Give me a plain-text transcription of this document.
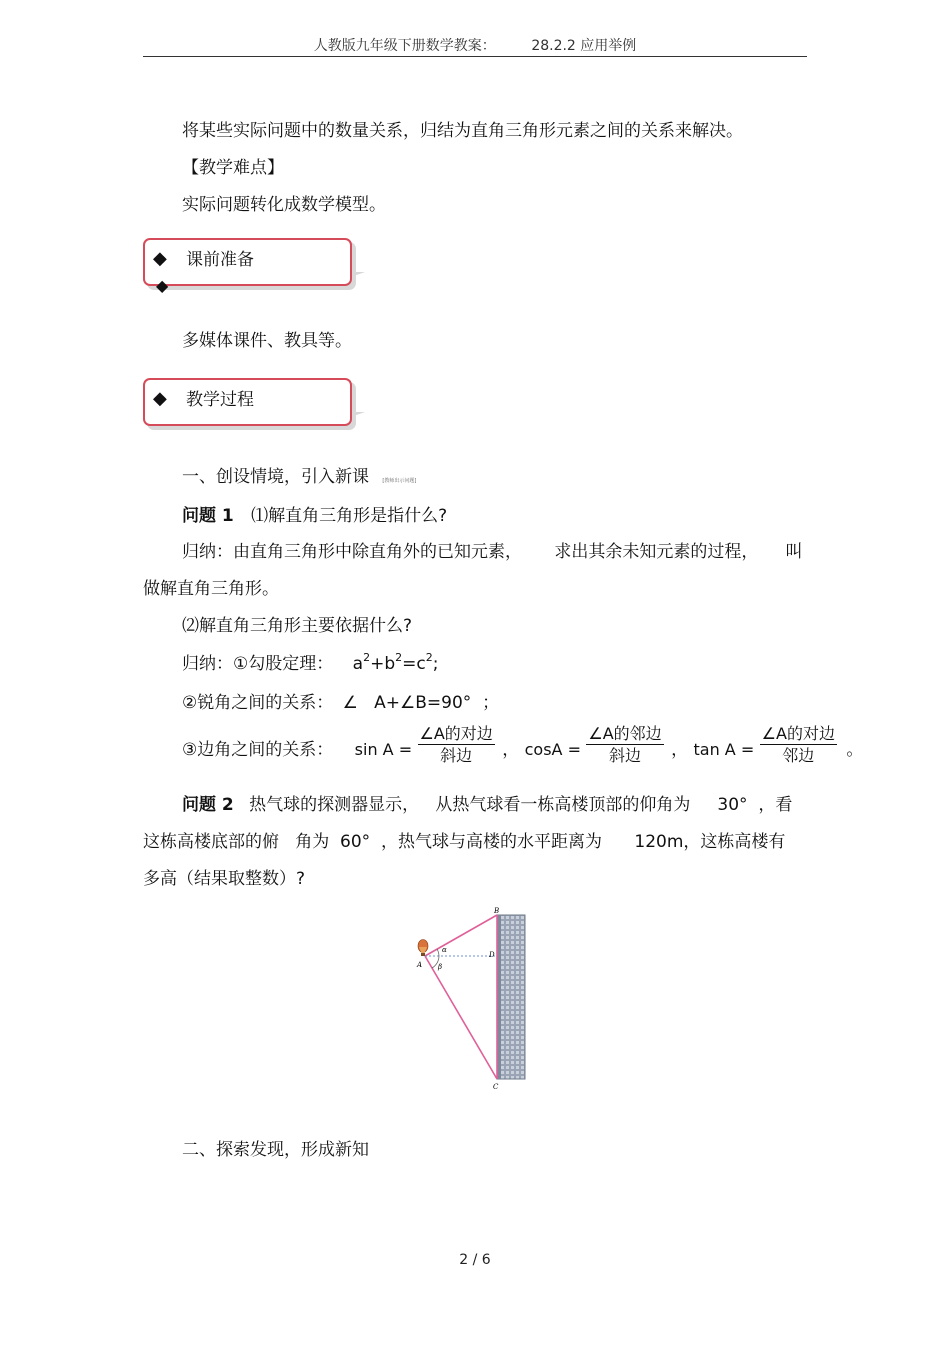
人教版九年级下册数学教案：	28.2.2 应用举例
将某些实际问题中的数量关系，归结为直角三角形元素之间的关系来解决。
【教学难点】
实际问题转化成数学模型。
◆ 课前准备
◆
多媒体课件、教具等。
◆ 教学过程
一、创设情境，引入新课	[教师出示问题]
问题 1 ⑴解直角三角形是指什么?
归纳：由直角三角形中除直角外的已知元素，      求出其余未知元素的过程，     叫
做解直角三角形。
⑵解直角三角形主要依据什么?
归纳：①勾股定理： $a^2+b^2=c^2$;
②锐角之间的关系： ∠   A+∠B=90°  ；
③边角之间的关系： $\sin A = \frac{\text{∠A的对边}}{\text{斜边}}$ ， $\cos A = \frac{\text{∠A的邻边}}{\text{斜边}}$ ， $\tan A = \frac{\text{∠A的对边}}{\text{邻边}}$ 。
问题 2 热气球的探测器显示，   从热气球看一栋高楼顶部的仰角为     30°  ，看
这栋高楼底部的俯   角为  60°  ，热气球与高楼的水平距离为      120m，这栋高楼有
多高（结果取整数）?
B
A
D
C
α
β
二、探索发现，形成新知
2 / 6
